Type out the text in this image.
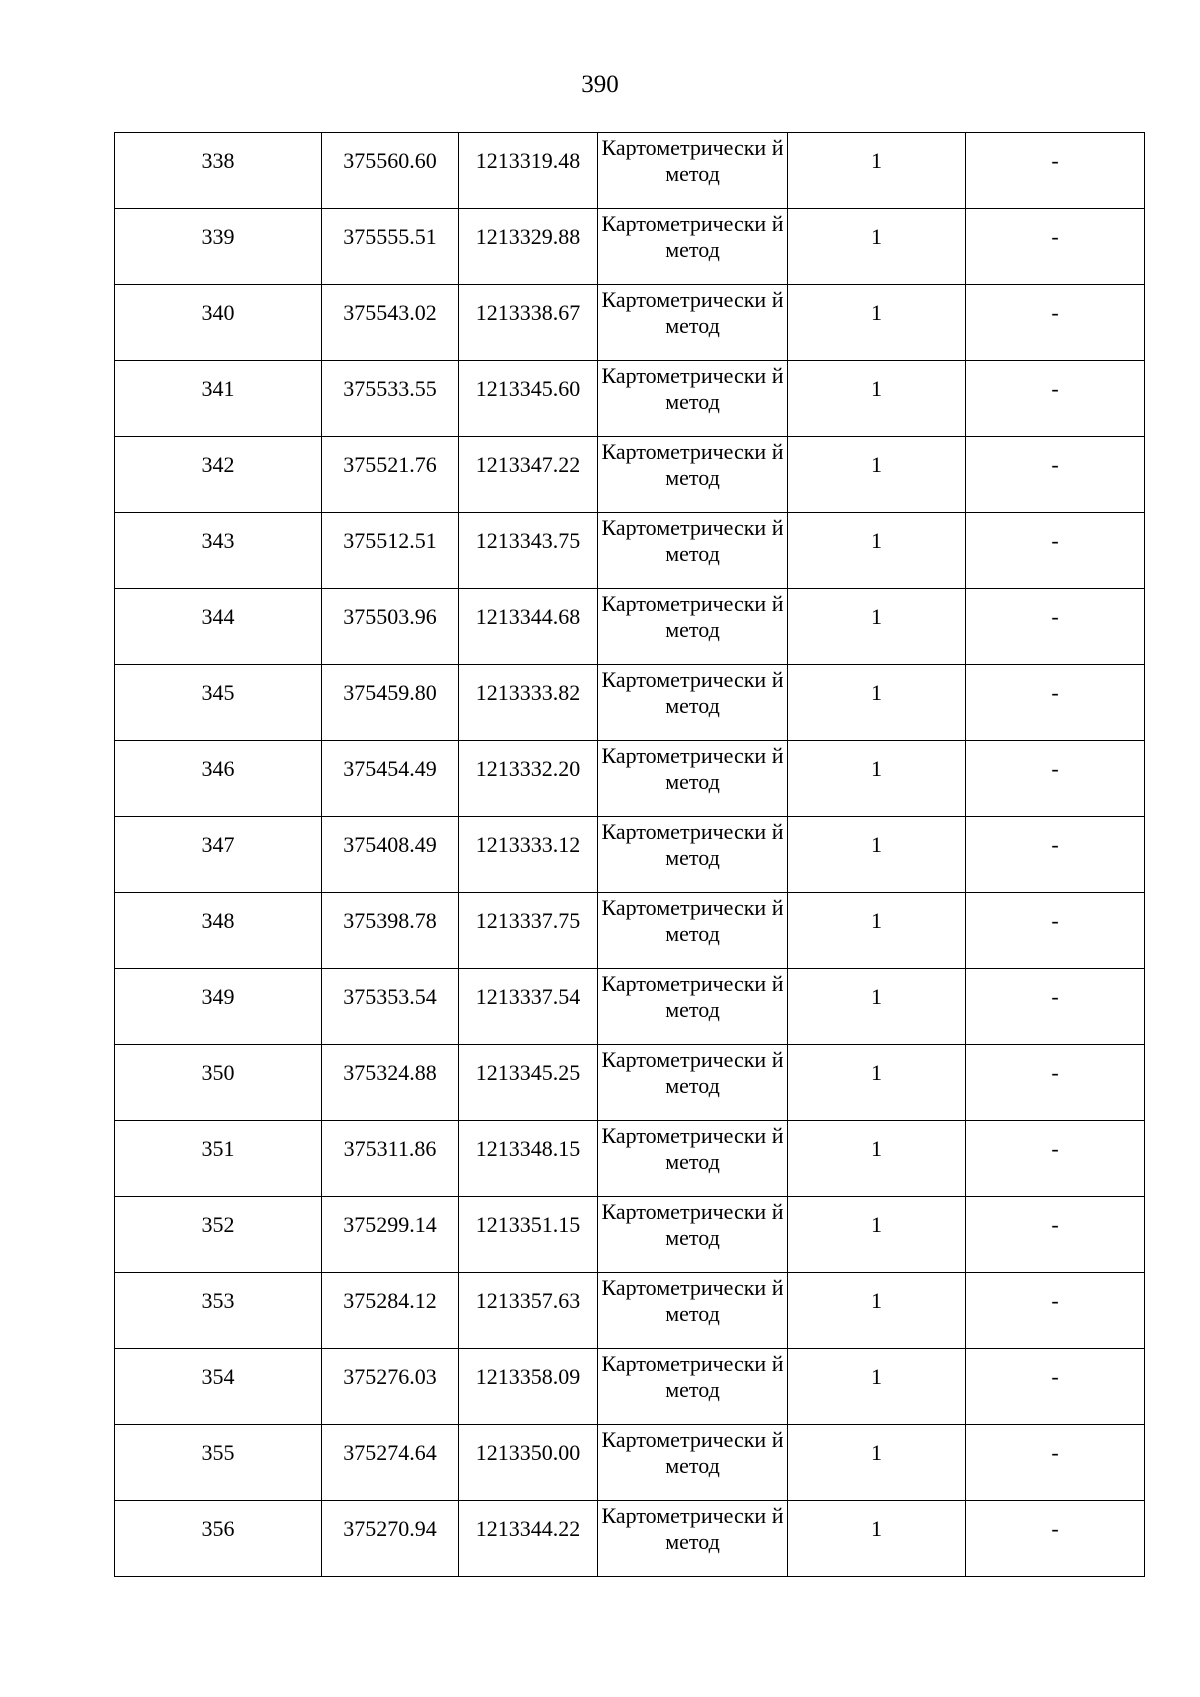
390
338	375560.60	1213319.48	Картометрически й метод	1	-
339	375555.51	1213329.88	Картометрически й метод	1	-
340	375543.02	1213338.67	Картометрически й метод	1	-
341	375533.55	1213345.60	Картометрически й метод	1	-
342	375521.76	1213347.22	Картометрически й метод	1	-
343	375512.51	1213343.75	Картометрически й метод	1	-
344	375503.96	1213344.68	Картометрически й метод	1	-
345	375459.80	1213333.82	Картометрически й метод	1	-
346	375454.49	1213332.20	Картометрически й метод	1	-
347	375408.49	1213333.12	Картометрически й метод	1	-
348	375398.78	1213337.75	Картометрически й метод	1	-
349	375353.54	1213337.54	Картометрически й метод	1	-
350	375324.88	1213345.25	Картометрически й метод	1	-
351	375311.86	1213348.15	Картометрически й метод	1	-
352	375299.14	1213351.15	Картометрически й метод	1	-
353	375284.12	1213357.63	Картометрически й метод	1	-
354	375276.03	1213358.09	Картометрически й метод	1	-
355	375274.64	1213350.00	Картометрически й метод	1	-
356	375270.94	1213344.22	Картометрически й метод	1	-
